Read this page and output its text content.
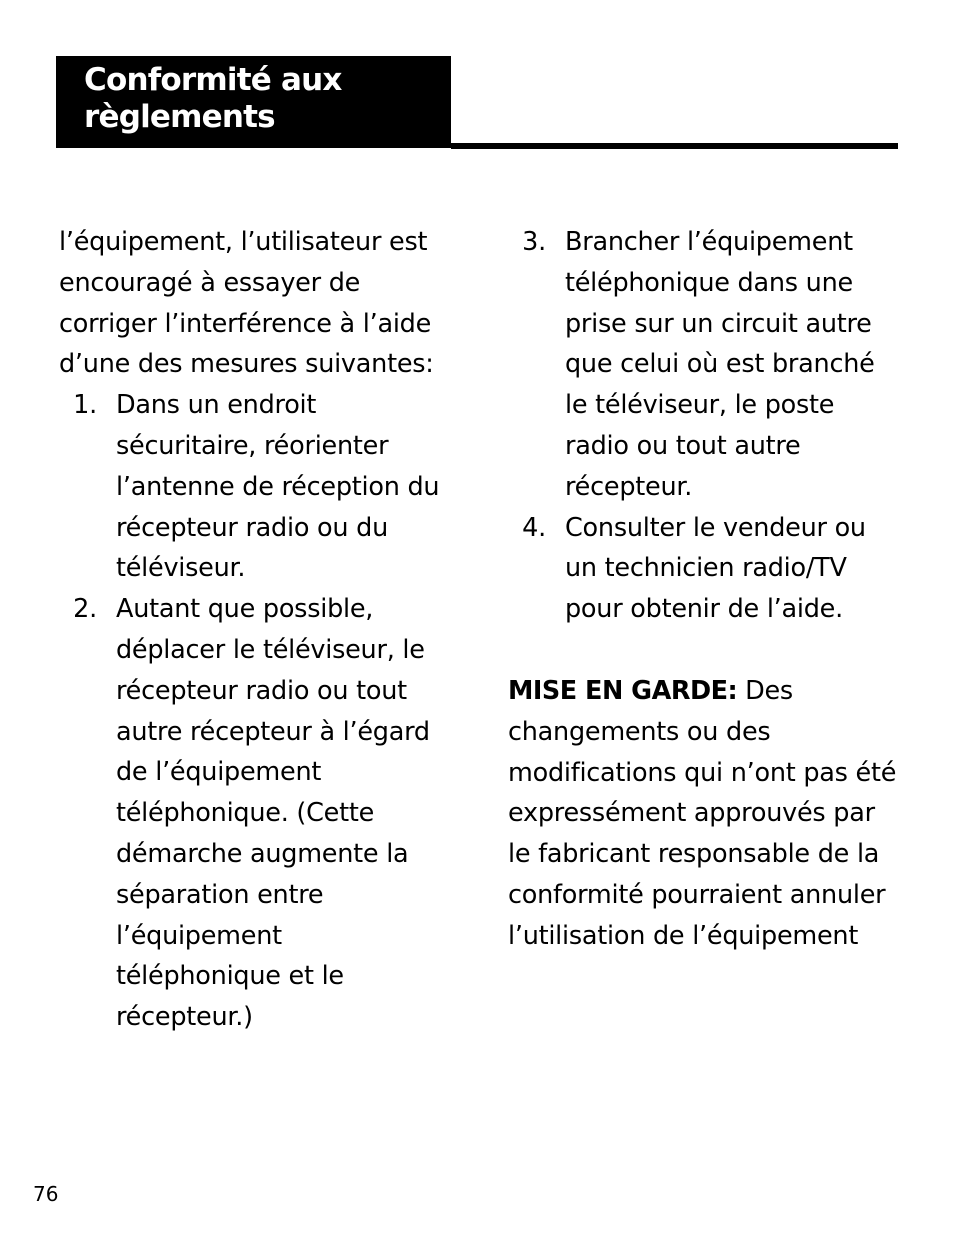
Conformité aux
règlements

l’équipement, l’utilisateur est encouragé à essayer de corriger l’interférence à l’aide d’une des mesures suivantes:

1. Dans un endroit sécuritaire, réorienter l’antenne de réception du récepteur radio ou du téléviseur.
2. Autant que possible, déplacer le téléviseur, le récepteur radio ou tout autre récepteur à l’égard de l’équipement téléphonique. (Cette démarche augmente la séparation entre l’équipement téléphonique et le récepteur.)
3. Brancher l’équipement téléphonique dans une prise sur un circuit autre que celui où est branché le téléviseur, le poste radio ou tout autre récepteur.
4. Consulter le vendeur ou un technicien radio/TV pour obtenir de l’aide.

MISE EN GARDE: Des changements ou des modifications qui n’ont pas été expressément approuvés par le fabricant responsable de la conformité pourraient annuler l’utilisation de l’équipement

76
